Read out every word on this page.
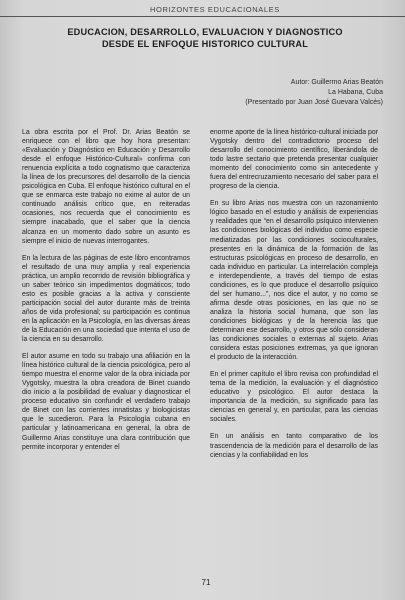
HORIZONTES EDUCACIONALES
EDUCACION, DESARROLLO, EVALUACION Y DIAGNOSTICO
DESDE EL ENFOQUE HISTORICO CULTURAL
Autor: Guillermo Arias Beatón
La Habana, Cuba
(Presentado por Juan José Guevara Valcés)

La obra escrita por el Prof. Dr. Arias Beatón se enriquece con el libro que hoy hora presentan: «Evaluación y Diagnóstico en Educación y Desarrollo desde el enfoque Histórico-Cultural» confirma con renuencia explícita a todo cognatismo que caracteriza la línea de los precursores del desarrollo de la ciencia psicológica en Cuba. El enfoque histórico cultural en el que se enmarca este trabajo no exime al autor de un continuado análisis crítico que, en reiteradas ocasiones, nos recuerda que el conocimiento es siempre inacabado, que el saber que la ciencia alcanza en un momento dado sobre un asunto es siempre el inicio de nuevas interrogantes.

En la lectura de las páginas de este libro encontramos el resultado de una muy amplia y real experiencia práctica, un amplio recorrido de revisión bibliográfica y un saber teórico sin impedimentos dogmáticos; todo esto es posible gracias a la activa y consciente participación social del autor durante más de treinta años de vida profesional; su participación es continua en la aplicación en la Psicología, en las diversas áreas de la Educación en una sociedad que intenta el uso de la ciencia en su desarrollo.

El autor asume en todo su trabajo una afiliación en la línea histórico cultural de la ciencia psicológica, pero al tiempo muestra el enorme valor de la obra iniciada por Vygotsky, muestra la obra creadora de Binet cuando dio inicio a la posibilidad de evaluar y diagnosticar el proceso educativo sin confundir el verdadero trabajo de Binet con las corrientes innatistas y biologicistas que le sucedieron. Para la Psicología cubana en particular y latinoamericana en general, la obra de Guillermo Arias constituye una clara contribución que permite incorporar y entender el

enorme aporte de la línea histórico-cultural iniciada por Vygotsky dentro del contradictorio proceso del desarrollo del conocimiento científico, liberándola de todo lastre sectario que pretenda presentar cualquier momento del conocimiento como sin antecedente y fuera del entrecruzamiento necesario del saber para el progreso de la ciencia.

En su libro Arias nos muestra con un razonamiento lógico basado en el estudio y análisis de experiencias y realidades que “en el desarrollo psíquico intervienen las condiciones biológicas del individuo como especie mediatizadas por las condiciones socioculturales, presentes en la dinámica de la formación de las estructuras psicológicas en proceso de desarrollo, en cada individuo en particular. La interrelación compleja e interdependiente, a través del tiempo de estas condiciones, es lo que produce el desarrollo psíquico del ser humano...”, nos dice el autor, y no como se afirma desde otras posiciones, en las que no se analiza la historia social humana, que son las condiciones biológicas y de la herencia las que determinan ese desarrollo, y otros que sólo consideran las condiciones sociales o externas al sujeto. Arias considera estas posiciones extremas, ya que ignoran el producto de la interacción.

En el primer capítulo el libro revisa con profundidad el tema de la medición, la evaluación y el diagnóstico educativo y psicológico. El autor destaca la importancia de la medición, su significado para las ciencias en general y, en particular, para las ciencias sociales.

En un análisis en tanto comparativo de los trascendencia de la medición para el desarrollo de las ciencias y la confiabilidad en los

71
